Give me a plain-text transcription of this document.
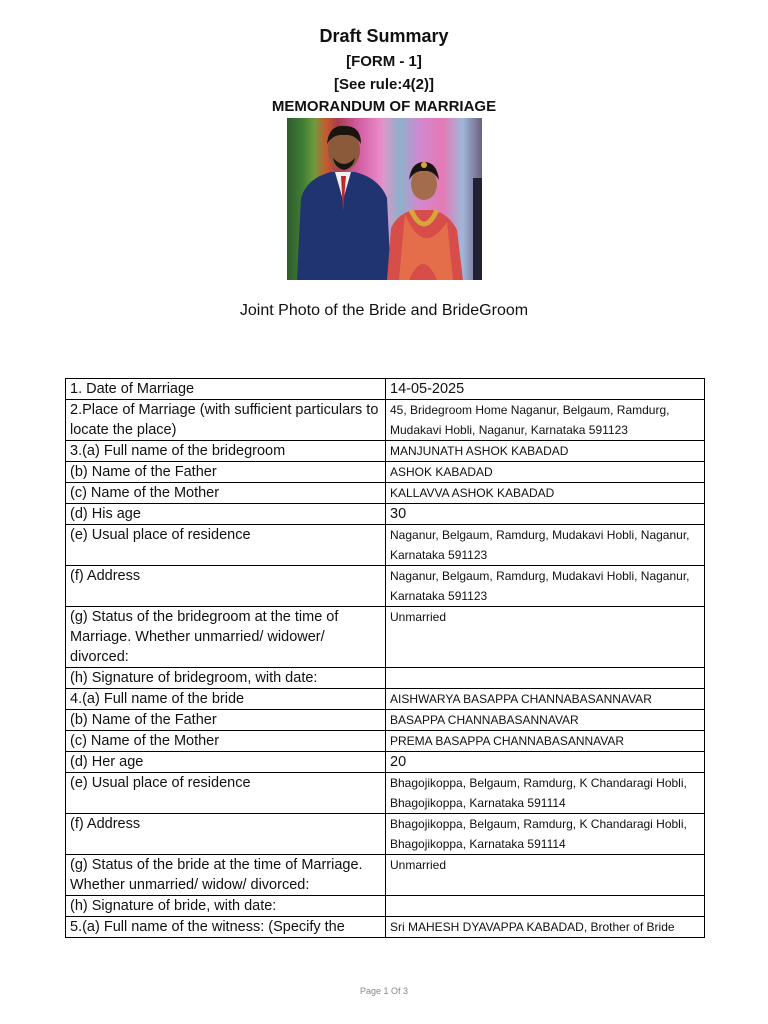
Draft Summary
[FORM - 1]
[See rule:4(2)]
MEMORANDUM OF MARRIAGE
Joint Photo of the Bride and BrideGroom
1. Date of Marriage	14-05-2025
2.Place of Marriage (with sufficient particulars to locate the place)	45, Bridegroom Home Naganur, Belgaum, Ramdurg, Mudakavi Hobli, Naganur, Karnataka 591123
3.(a) Full name of the bridegroom	MANJUNATH ASHOK KABADAD
(b) Name of the Father	ASHOK KABADAD
(c) Name of the Mother	KALLAVVA ASHOK KABADAD
(d) His age	30
(e) Usual place of residence	Naganur, Belgaum, Ramdurg, Mudakavi Hobli, Naganur, Karnataka 591123
(f) Address	Naganur, Belgaum, Ramdurg, Mudakavi Hobli, Naganur, Karnataka 591123
(g) Status of the bridegroom at the time of Marriage. Whether unmarried/ widower/ divorced:	Unmarried
(h) Signature of bridegroom, with date:	
4.(a) Full name of the bride	AISHWARYA BASAPPA CHANNABASANNAVAR
(b) Name of the Father	BASAPPA CHANNABASANNAVAR
(c) Name of the Mother	PREMA BASAPPA CHANNABASANNAVAR
(d) Her age	20
(e) Usual place of residence	Bhagojikoppa, Belgaum, Ramdurg, K Chandaragi Hobli, Bhagojikoppa, Karnataka 591114
(f) Address	Bhagojikoppa, Belgaum, Ramdurg, K Chandaragi Hobli, Bhagojikoppa, Karnataka 591114
(g) Status of the bride at the time of Marriage. Whether unmarried/ widow/ divorced:	Unmarried
(h) Signature of bride, with date:	
5.(a) Full name of the witness: (Specify the	Sri MAHESH DYAVAPPA KABADAD, Brother of Bride
Page 1 Of 3
